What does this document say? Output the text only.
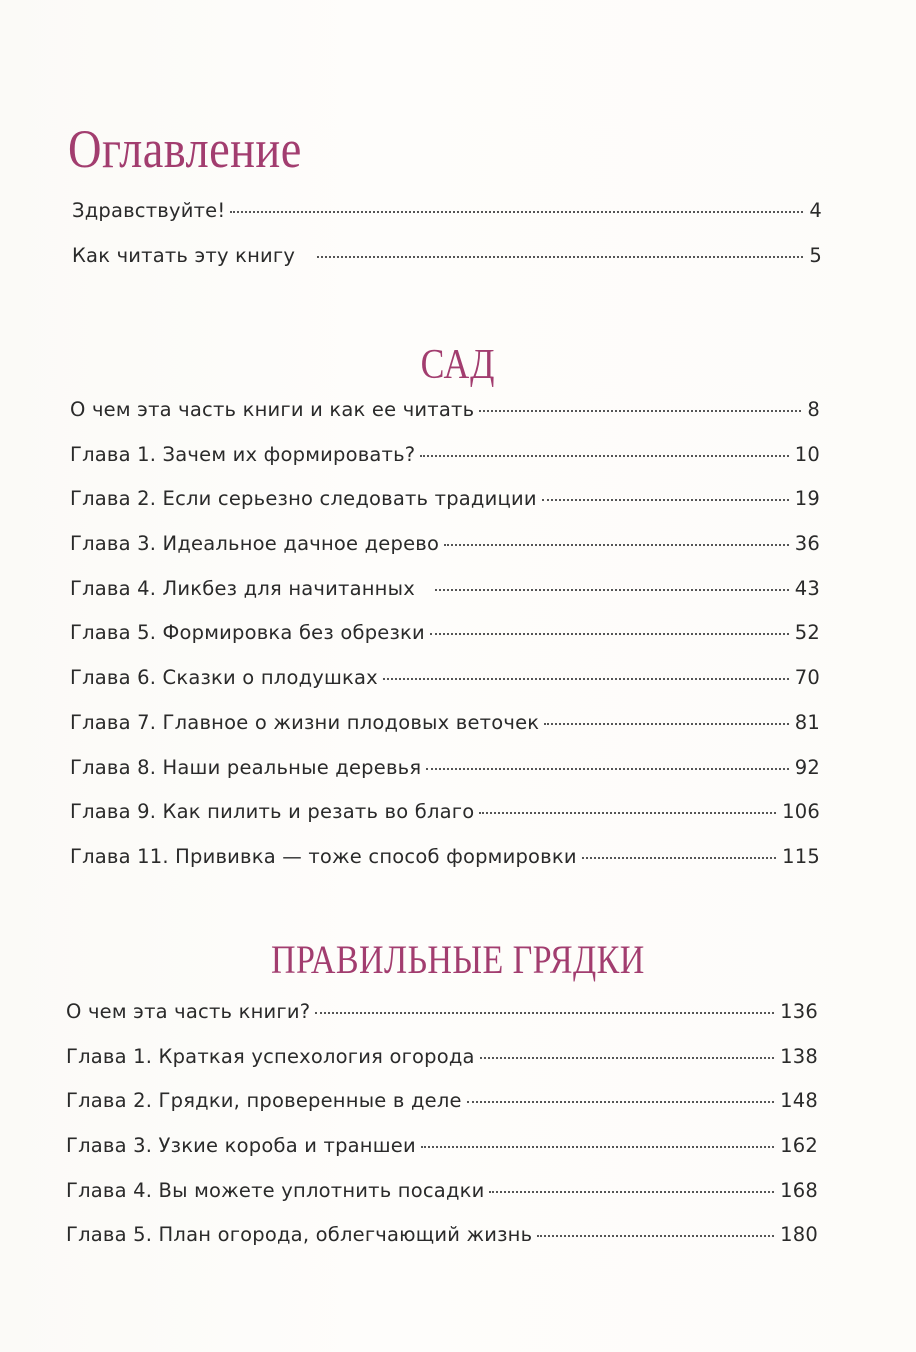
Оглавление
Здравствуйте!	4
Как читать эту книгу	5
САД
О чем эта часть книги и как ее читать	8
Глава 1. Зачем их формировать?	10
Глава 2. Если серьезно следовать традиции	19
Глава 3. Идеальное дачное дерево	36
Глава 4. Ликбез для начитанных	43
Глава 5. Формировка без обрезки	52
Глава 6. Сказки о плодушках	70
Глава 7. Главное о жизни плодовых веточек	81
Глава 8. Наши реальные деревья	92
Глава 9. Как пилить и резать во благо	106
Глава 11. Прививка — тоже способ формировки	115
ПРАВИЛЬНЫЕ ГРЯДКИ
О чем эта часть книги?	136
Глава 1. Краткая успехология огорода	138
Глава 2. Грядки, проверенные в деле	148
Глава 3. Узкие короба и траншеи	162
Глава 4. Вы можете уплотнить посадки	168
Глава 5. План огорода, облегчающий жизнь	180
